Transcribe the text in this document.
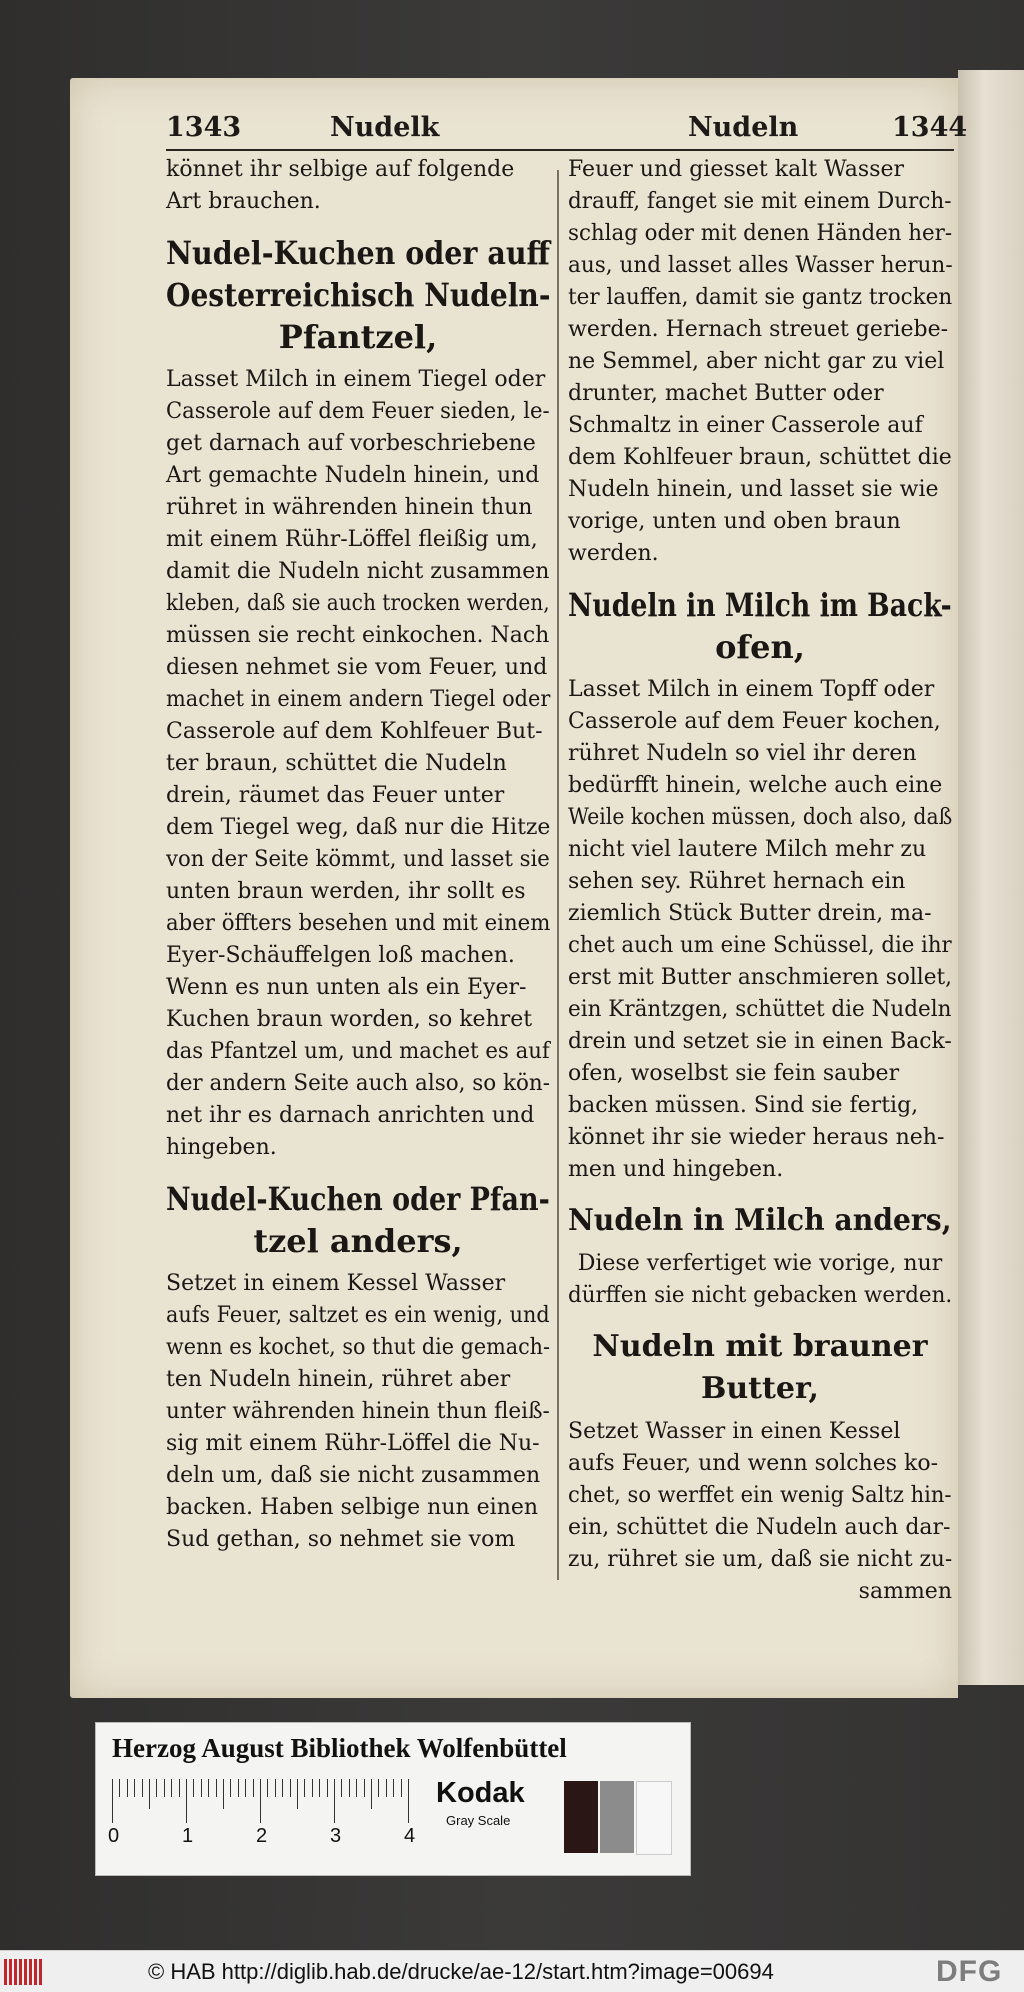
1343	Nudelk	Nudeln	1344
könnet ihr selbige auf folgende
Art brauchen.
Nudel-Kuchen oder auff
Oesterreichisch Nudeln-
Pfantzel,
Lasset Milch in einem Tiegel oder
Casserole auf dem Feuer sieden, le-
get darnach auf vorbeschriebene
Art gemachte Nudeln hinein, und
rühret in währenden hinein thun
mit einem Rühr-Löffel fleißig um,
damit die Nudeln nicht zusammen
kleben, daß sie auch trocken werden,
müssen sie recht einkochen. Nach
diesen nehmet sie vom Feuer, und
machet in einem andern Tiegel oder
Casserole auf dem Kohlfeuer But-
ter braun, schüttet die Nudeln
drein, räumet das Feuer unter
dem Tiegel weg, daß nur die Hitze
von der Seite kömmt, und lasset sie
unten braun werden, ihr sollt es
aber öffters besehen und mit einem
Eyer-Schäuffelgen loß machen.
Wenn es nun unten als ein Eyer-
Kuchen braun worden, so kehret
das Pfantzel um, und machet es auf
der andern Seite auch also, so kön-
net ihr es darnach anrichten und
hingeben.
Nudel-Kuchen oder Pfan-
tzel anders,
Setzet in einem Kessel Wasser
aufs Feuer, saltzet es ein wenig, und
wenn es kochet, so thut die gemach-
ten Nudeln hinein, rühret aber
unter währenden hinein thun fleiß-
sig mit einem Rühr-Löffel die Nu-
deln um, daß sie nicht zusammen
backen. Haben selbige nun einen
Sud gethan, so nehmet sie vom
Feuer und giesset kalt Wasser
drauff, fanget sie mit einem Durch-
schlag oder mit denen Händen her-
aus, und lasset alles Wasser herun-
ter lauffen, damit sie gantz trocken
werden. Hernach streuet geriebe-
ne Semmel, aber nicht gar zu viel
drunter, machet Butter oder
Schmaltz in einer Casserole auf
dem Kohlfeuer braun, schüttet die
Nudeln hinein, und lasset sie wie
vorige, unten und oben braun
werden.
Nudeln in Milch im Back-
ofen,
Lasset Milch in einem Topff oder
Casserole auf dem Feuer kochen,
rühret Nudeln so viel ihr deren
bedürfft hinein, welche auch eine
Weile kochen müssen, doch also, daß
nicht viel lautere Milch mehr zu
sehen sey. Rühret hernach ein
ziemlich Stück Butter drein, ma-
chet auch um eine Schüssel, die ihr
erst mit Butter anschmieren sollet,
ein Kräntzgen, schüttet die Nudeln
drein und setzet sie in einen Back-
ofen, woselbst sie fein sauber
backen müssen. Sind sie fertig,
könnet ihr sie wieder heraus neh-
men und hingeben.
Nudeln in Milch anders,
Diese verfertiget wie vorige, nur
dürffen sie nicht gebacken werden.
Nudeln mit brauner
Butter,
Setzet Wasser in einen Kessel
aufs Feuer, und wenn solches ko-
chet, so werffet ein wenig Saltz hin-
ein, schüttet die Nudeln auch dar-
zu, rühret sie um, daß sie nicht zu-
sammen
Herzog August Bibliothek Wolfenbüttel
0	1	2	3	4
Kodak
Gray Scale
© HAB http://diglib.hab.de/drucke/ae-12/start.htm?image=00694	DFG
